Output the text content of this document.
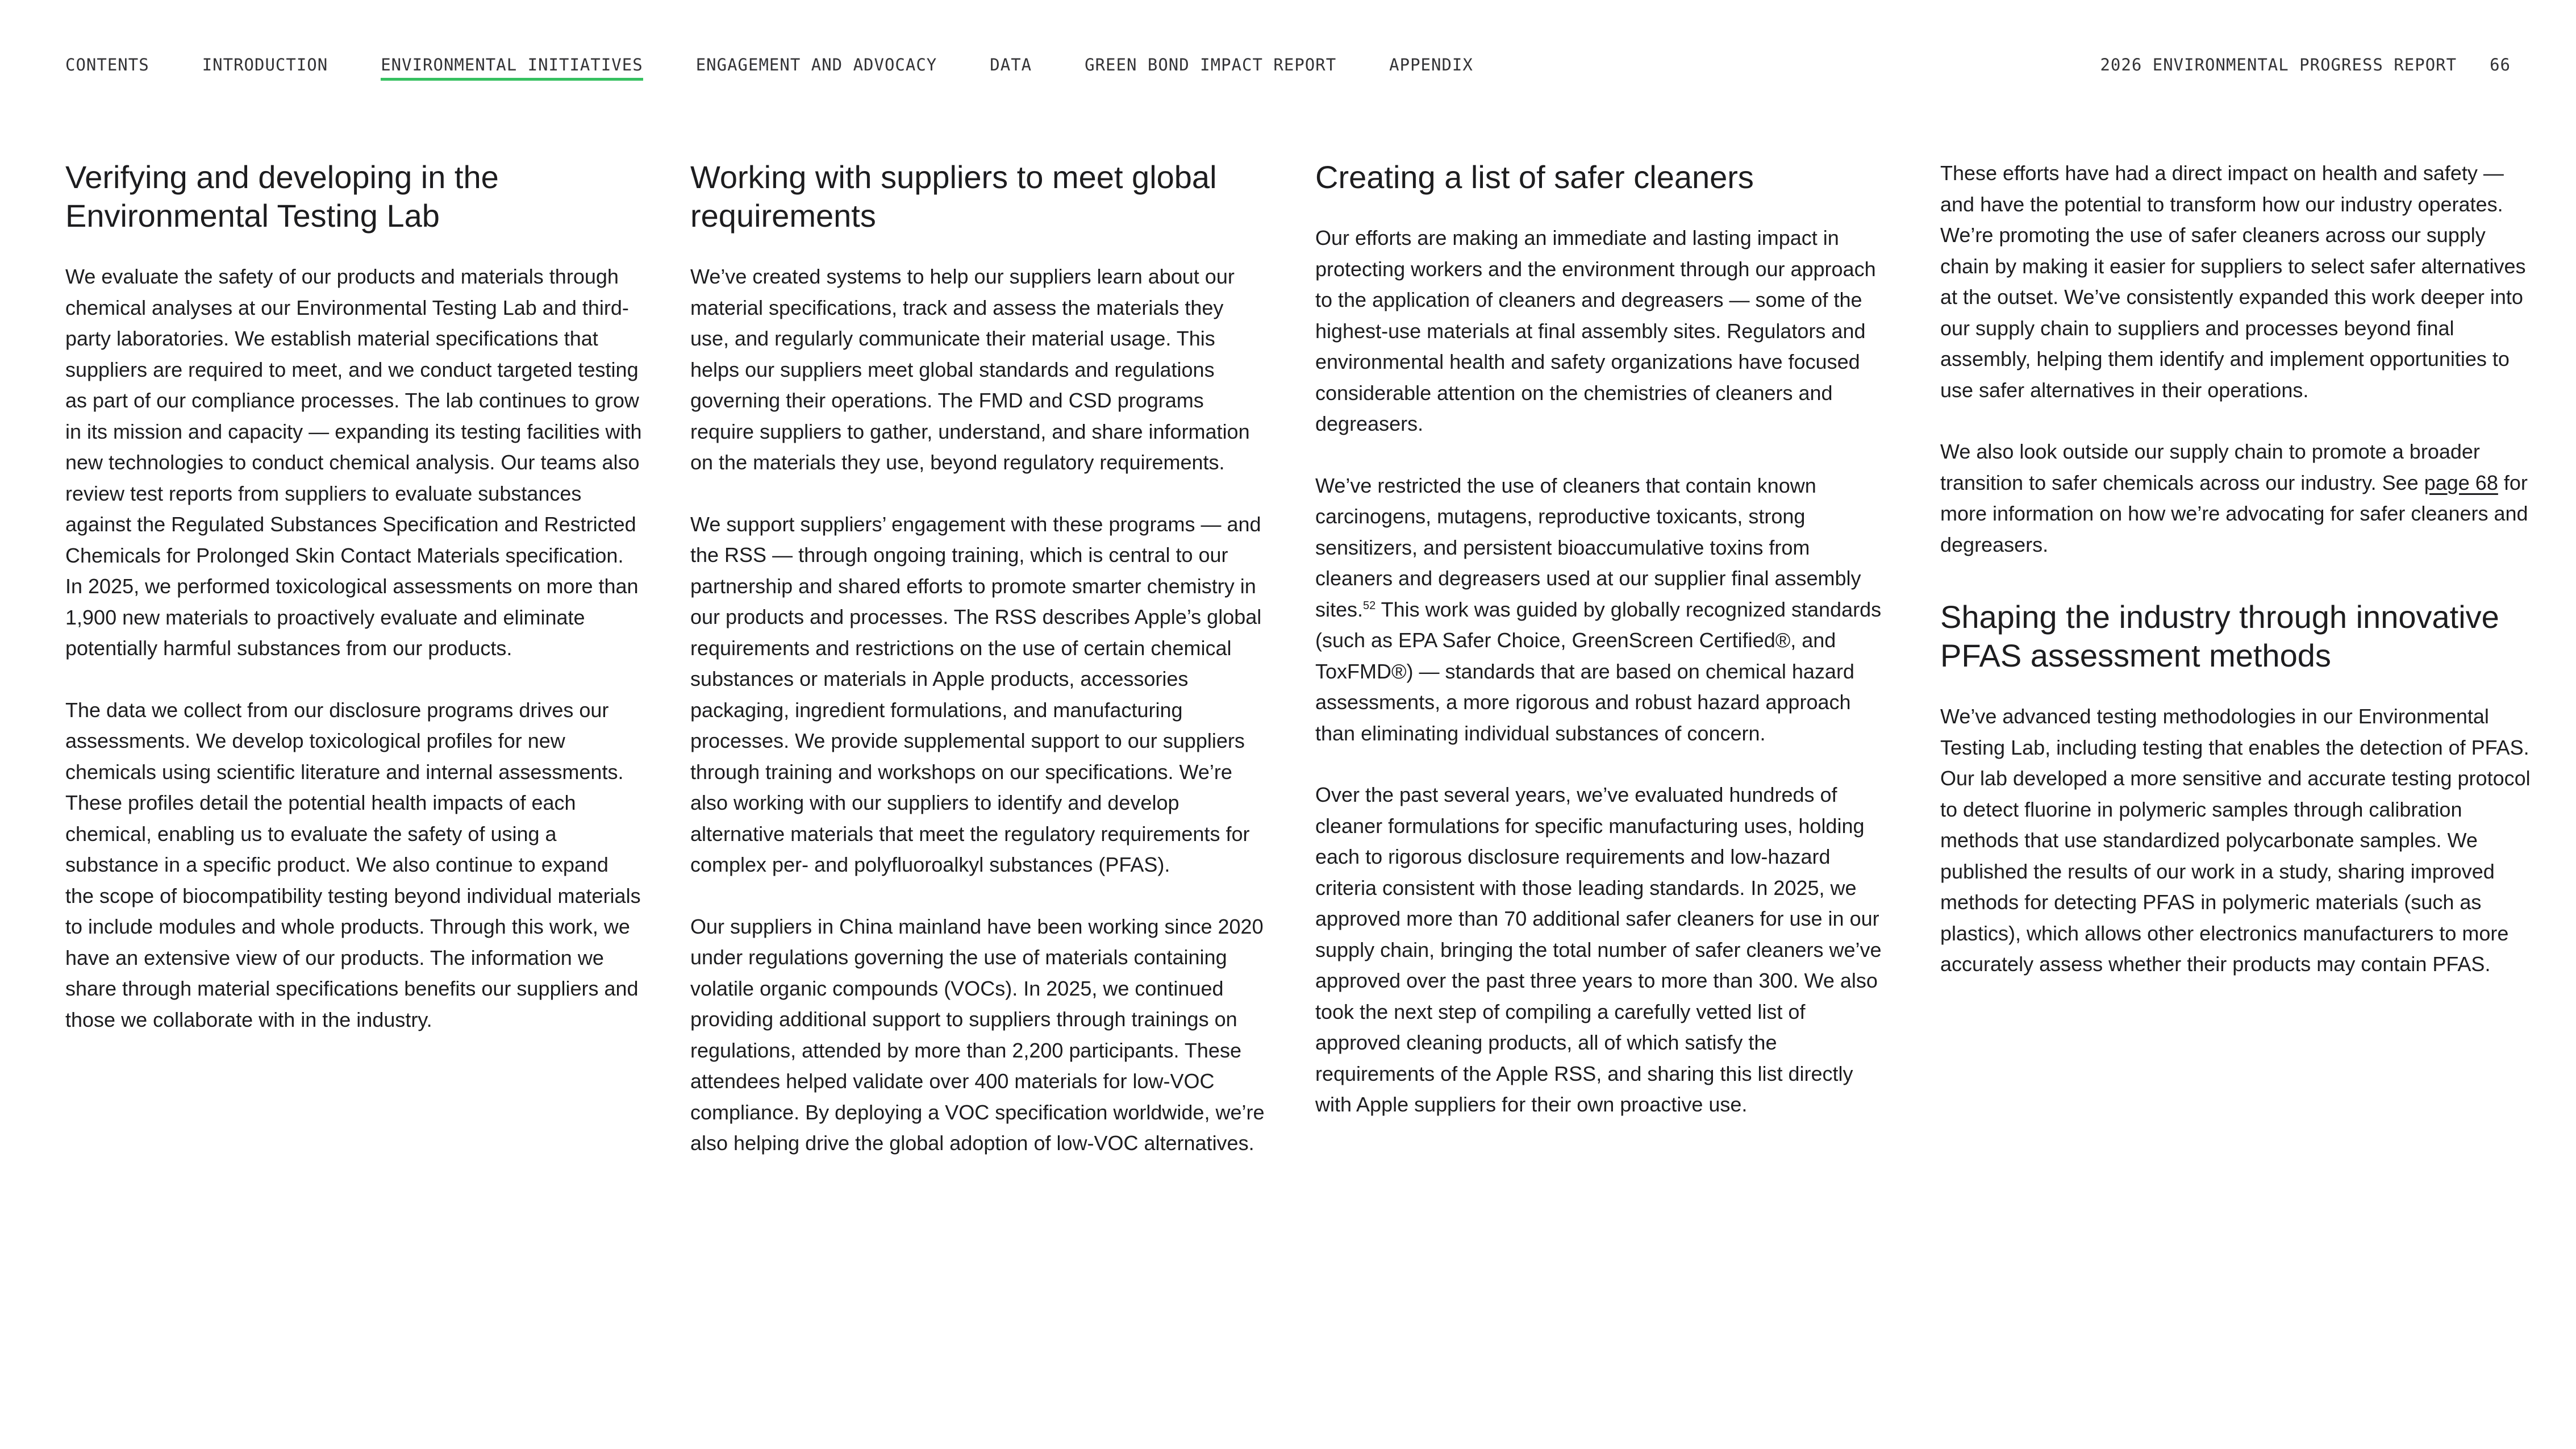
CONTENTS	INTRODUCTION	ENVIRONMENTAL INITIATIVES	ENGAGEMENT AND ADVOCACY	DATA	GREEN BOND IMPACT REPORT	APPENDIX	2026 ENVIRONMENTAL PROGRESS REPORT 66
Verifying and developing in the Environmental Testing Lab

We evaluate the safety of our products and materials through chemical analyses at our Environmental Testing Lab and third-party laboratories. We establish material specifications that suppliers are required to meet, and we conduct targeted testing as part of our compliance processes. The lab continues to grow in its mission and capacity — expanding its testing facilities with new technologies to conduct chemical analysis. Our teams also review test reports from suppliers to evaluate substances against the Regulated Substances Specification and Restricted Chemicals for Prolonged Skin Contact Materials specification. In 2025, we performed toxicological assessments on more than 1,900 new materials to proactively evaluate and eliminate potentially harmful substances from our products.

The data we collect from our disclosure programs drives our assessments. We develop toxicological profiles for new chemicals using scientific literature and internal assessments. These profiles detail the potential health impacts of each chemical, enabling us to evaluate the safety of using a substance in a specific product. We also continue to expand the scope of biocompatibility testing beyond individual materials to include modules and whole products. Through this work, we have an extensive view of our products. The information we share through material specifications benefits our suppliers and those we collaborate with in the industry.

Working with suppliers to meet global requirements

We’ve created systems to help our suppliers learn about our material specifications, track and assess the materials they use, and regularly communicate their material usage. This helps our suppliers meet global standards and regulations governing their operations. The FMD and CSD programs require suppliers to gather, understand, and share information on the materials they use, beyond regulatory requirements.

We support suppliers’ engagement with these programs — and the RSS — through ongoing training, which is central to our partnership and shared efforts to promote smarter chemistry in our products and processes. The RSS describes Apple’s global requirements and restrictions on the use of certain chemical substances or materials in Apple products, accessories packaging, ingredient formulations, and manufacturing processes. We provide supplemental support to our suppliers through training and workshops on our specifications. We’re also working with our suppliers to identify and develop alternative materials that meet the regulatory requirements for complex per- and polyfluoroalkyl substances (PFAS).

Our suppliers in China mainland have been working since 2020 under regulations governing the use of materials containing volatile organic compounds (VOCs). In 2025, we continued providing additional support to suppliers through trainings on regulations, attended by more than 2,200 participants. These attendees helped validate over 400 materials for low-VOC compliance. By deploying a VOC specification worldwide, we’re also helping drive the global adoption of low-VOC alternatives.

Creating a list of safer cleaners

Our efforts are making an immediate and lasting impact in protecting workers and the environment through our approach to the application of cleaners and degreasers — some of the highest-use materials at final assembly sites. Regulators and environmental health and safety organizations have focused considerable attention on the chemistries of cleaners and degreasers.

We’ve restricted the use of cleaners that contain known carcinogens, mutagens, reproductive toxicants, strong sensitizers, and persistent bioaccumulative toxins from cleaners and degreasers used at our supplier final assembly sites.$^{52}$ This work was guided by globally recognized standards (such as EPA Safer Choice, GreenScreen Certified®, and ToxFMD®) — standards that are based on chemical hazard assessments, a more rigorous and robust hazard approach than eliminating individual substances of concern.

Over the past several years, we’ve evaluated hundreds of cleaner formulations for specific manufacturing uses, holding each to rigorous disclosure requirements and low-hazard criteria consistent with those leading standards. In 2025, we approved more than 70 additional safer cleaners for use in our supply chain, bringing the total number of safer cleaners we’ve approved over the past three years to more than 300. We also took the next step of compiling a carefully vetted list of approved cleaning products, all of which satisfy the requirements of the Apple RSS, and sharing this list directly with Apple suppliers for their own proactive use.

These efforts have had a direct impact on health and safety — and have the potential to transform how our industry operates. We’re promoting the use of safer cleaners across our supply chain by making it easier for suppliers to select safer alternatives at the outset. We’ve consistently expanded this work deeper into our supply chain to suppliers and processes beyond final assembly, helping them identify and implement opportunities to use safer alternatives in their operations.

We also look outside our supply chain to promote a broader transition to safer chemicals across our industry. See page 68 for more information on how we’re advocating for safer cleaners and degreasers.

Shaping the industry through innovative PFAS assessment methods

We’ve advanced testing methodologies in our Environmental Testing Lab, including testing that enables the detection of PFAS. Our lab developed a more sensitive and accurate testing protocol to detect fluorine in polymeric samples through calibration methods that use standardized polycarbonate samples. We published the results of our work in a study, sharing improved methods for detecting PFAS in polymeric materials (such as plastics), which allows other electronics manufacturers to more accurately assess whether their products may contain PFAS.
